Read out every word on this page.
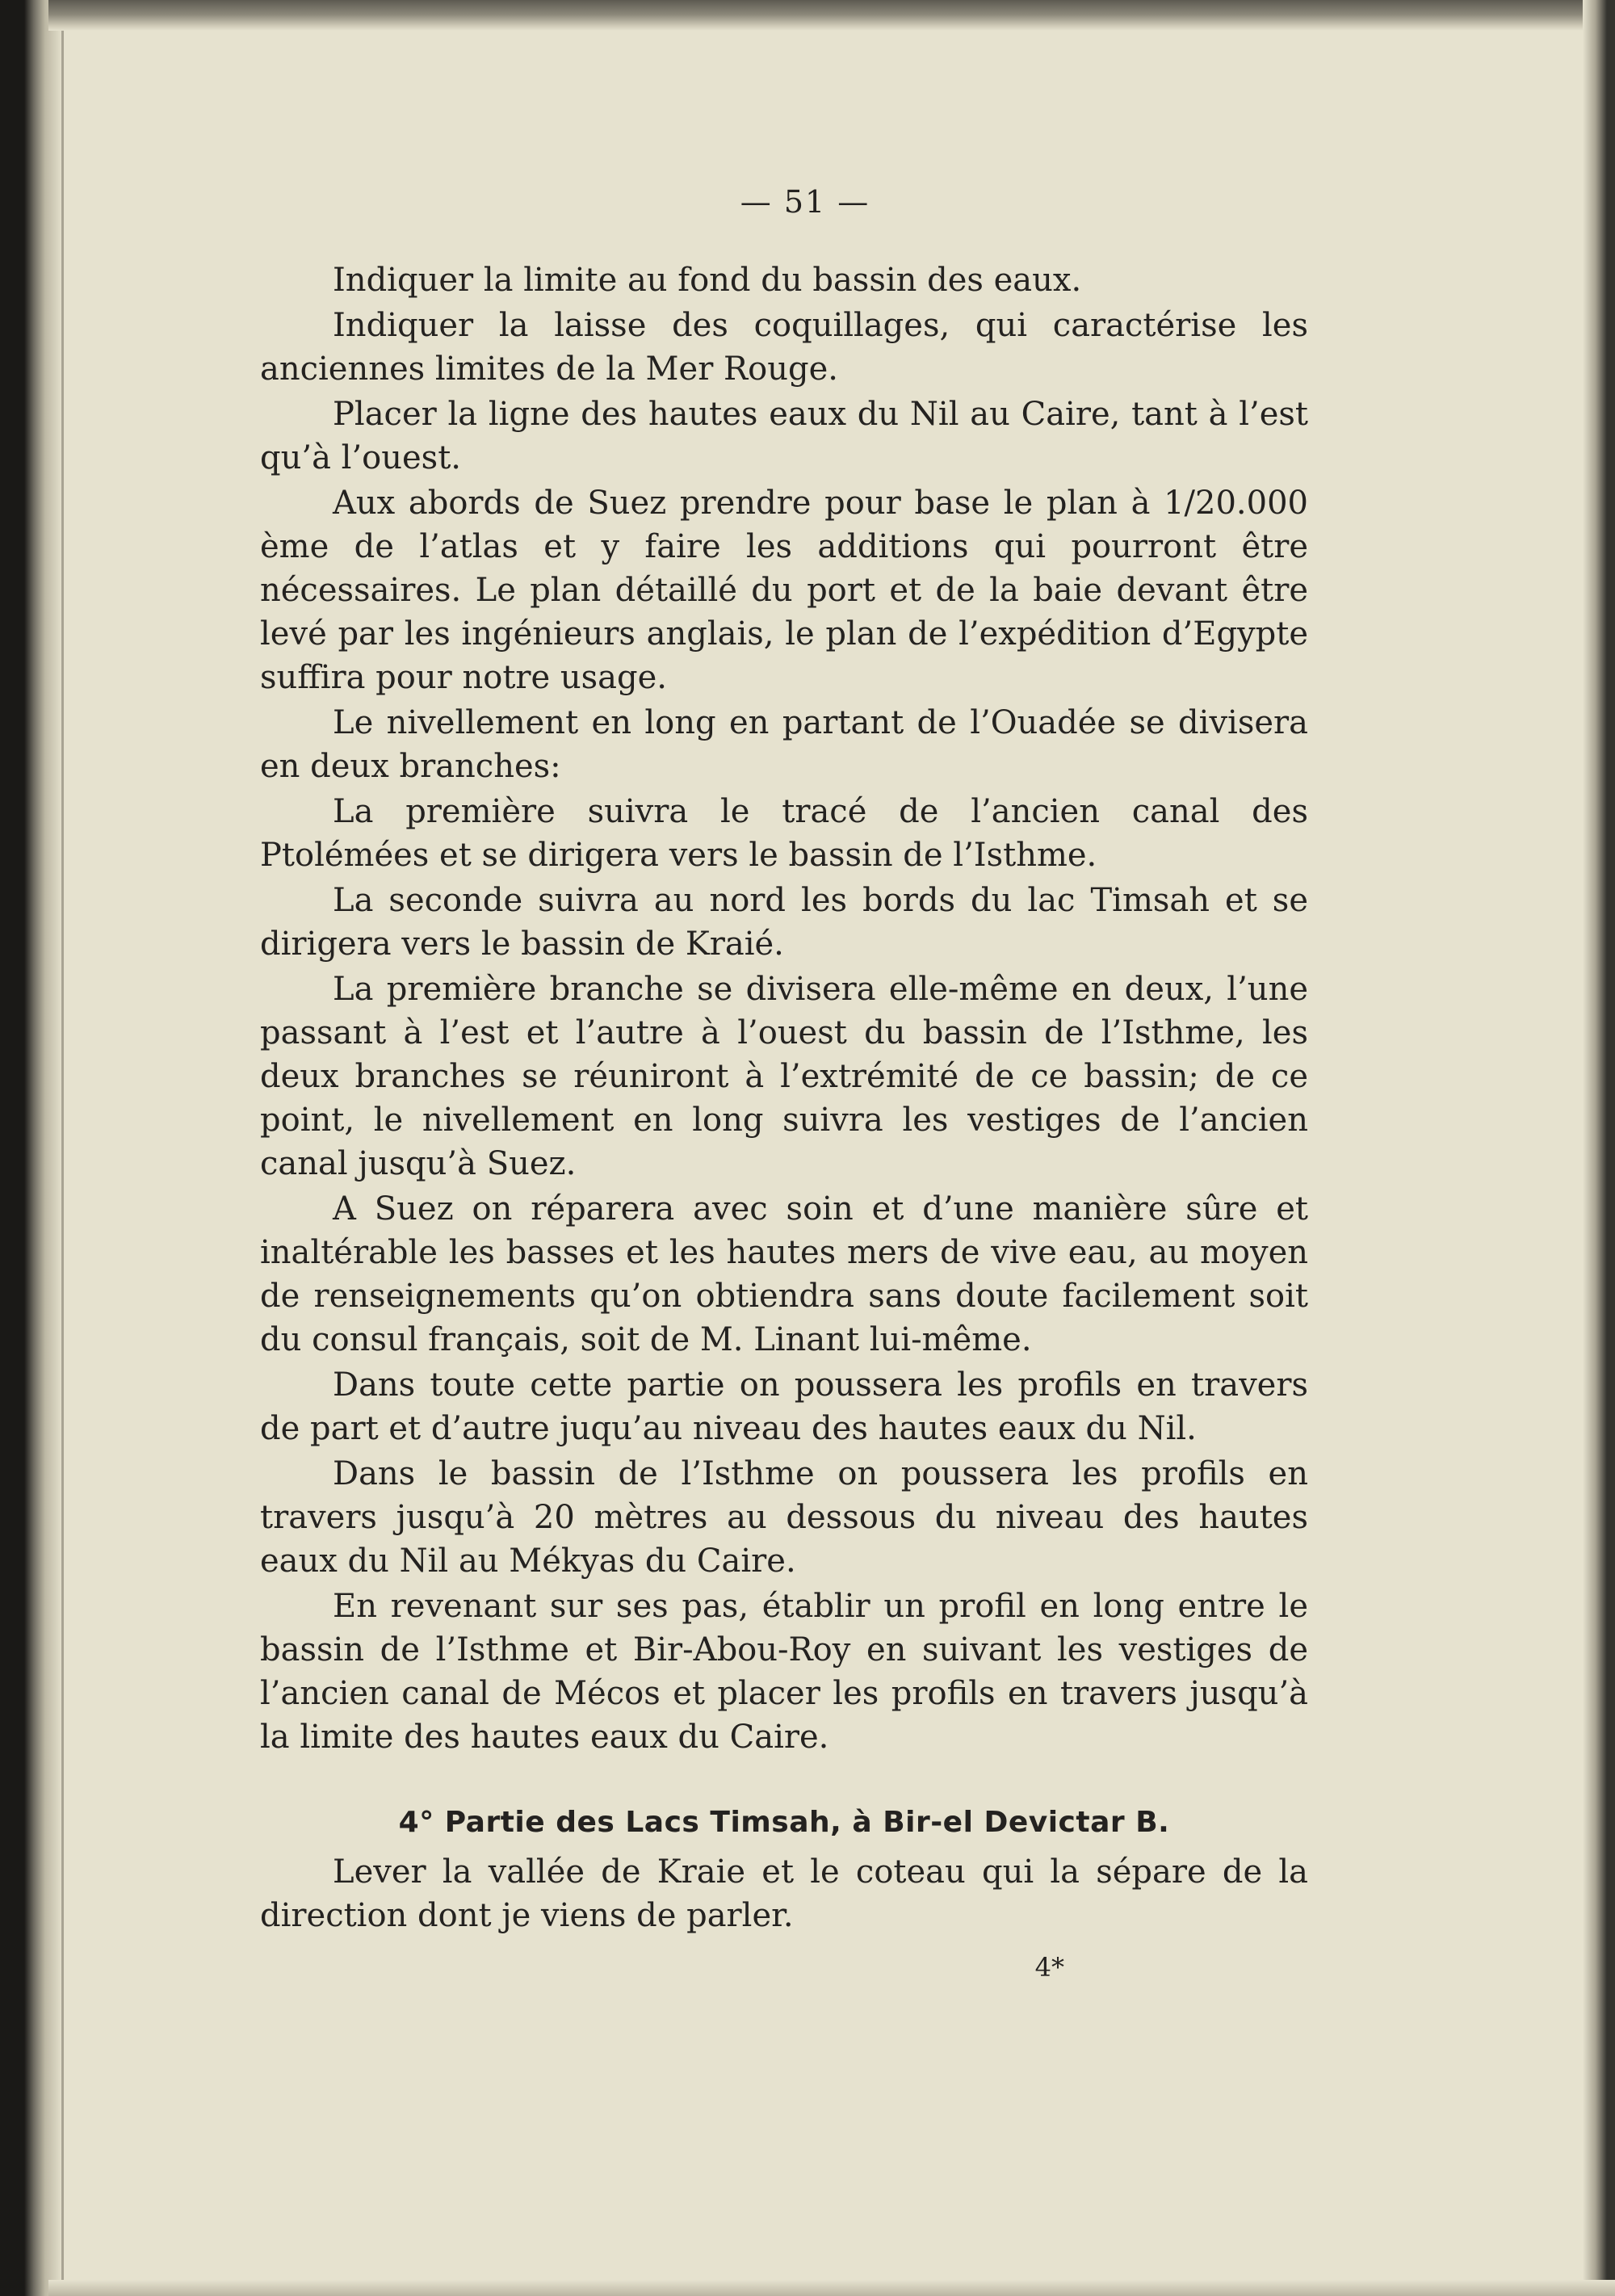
— 51 —

Indiquer la limite au fond du bassin des eaux.

Indiquer la laisse des coquillages, qui caractérise les anciennes limites de la Mer Rouge.

Placer la ligne des hautes eaux du Nil au Caire, tant à l’est qu’à l’ouest.

Aux abords de Suez prendre pour base le plan à 1/20.000 ème de l’atlas et y faire les additions qui pourront être nécessaires. Le plan détaillé du port et de la baie devant être levé par les ingénieurs anglais, le plan de l’expédition d’Egypte suffira pour notre usage.

Le nivellement en long en partant de l’Ouadée se divisera en deux branches:

La première suivra le tracé de l’ancien canal des Ptolémées et se dirigera vers le bassin de l’Isthme.

La seconde suivra au nord les bords du lac Timsah et se dirigera vers le bassin de Kraié.

La première branche se divisera elle-même en deux, l’une passant à l’est et l’autre à l’ouest du bassin de l’Isthme, les deux branches se réuniront à l’extrémité de ce bassin; de ce point, le nivellement en long suivra les vestiges de l’ancien canal jusqu’à Suez.

A Suez on réparera avec soin et d’une manière sûre et inaltérable les basses et les hautes mers de vive eau, au moyen de renseignements qu’on obtiendra sans doute facilement soit du consul français, soit de M. Linant lui-même.

Dans toute cette partie on poussera les profils en travers de part et d’autre juqu’au niveau des hautes eaux du Nil.

Dans le bassin de l’Isthme on poussera les profils en travers jusqu’à 20 mètres au dessous du niveau des hautes eaux du Nil au Mékyas du Caire.

En revenant sur ses pas, établir un profil en long entre le bassin de l’Isthme et Bir-Abou-Roy en suivant les vestiges de l’ancien canal de Mécos et placer les profils en travers jusqu’à la limite des hautes eaux du Caire.

4° Partie des Lacs Timsah, à Bir-el Devictar B.

Lever la vallée de Kraie et le coteau qui la sépare de la direction dont je viens de parler.

4*
